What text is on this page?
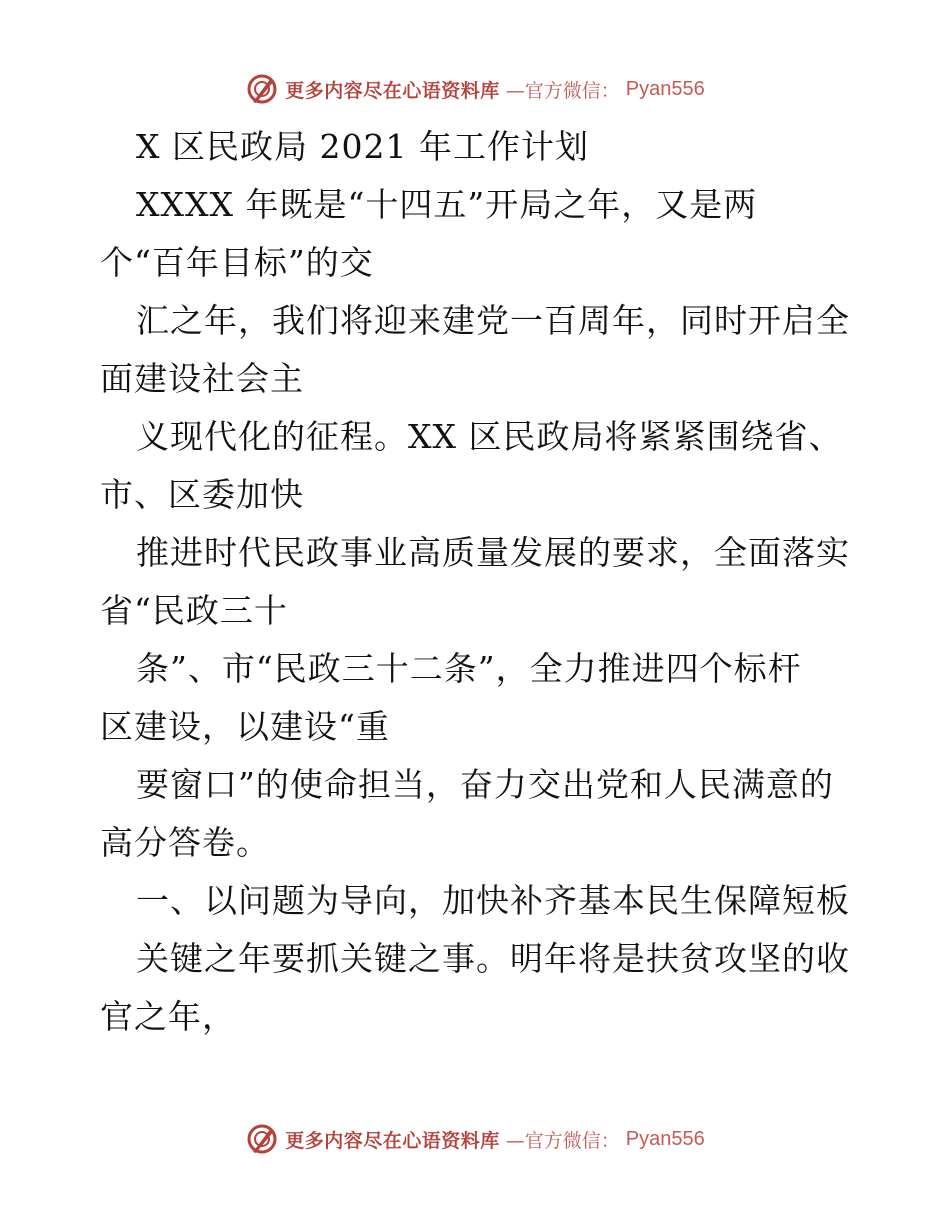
更多内容尽在心语资料库 —官方微信： Pyan556
X 区民政局 2021 年工作计划
XXXX 年既是“十四五”开局之年，又是两
个“百年目标”的交
汇之年，我们将迎来建党一百周年，同时开启全
面建设社会主
义现代化的征程。XX 区民政局将紧紧围绕省、
市、区委加快
推进时代民政事业高质量发展的要求，全面落实
省“民政三十
条”、市“民政三十二条”，全力推进四个标杆
区建设，以建设“重
要窗口”的使命担当，奋力交出党和人民满意的
高分答卷。
一、以问题为导向，加快补齐基本民生保障短板
关键之年要抓关键之事。明年将是扶贫攻坚的收
官之年，
更多内容尽在心语资料库 —官方微信： Pyan556
